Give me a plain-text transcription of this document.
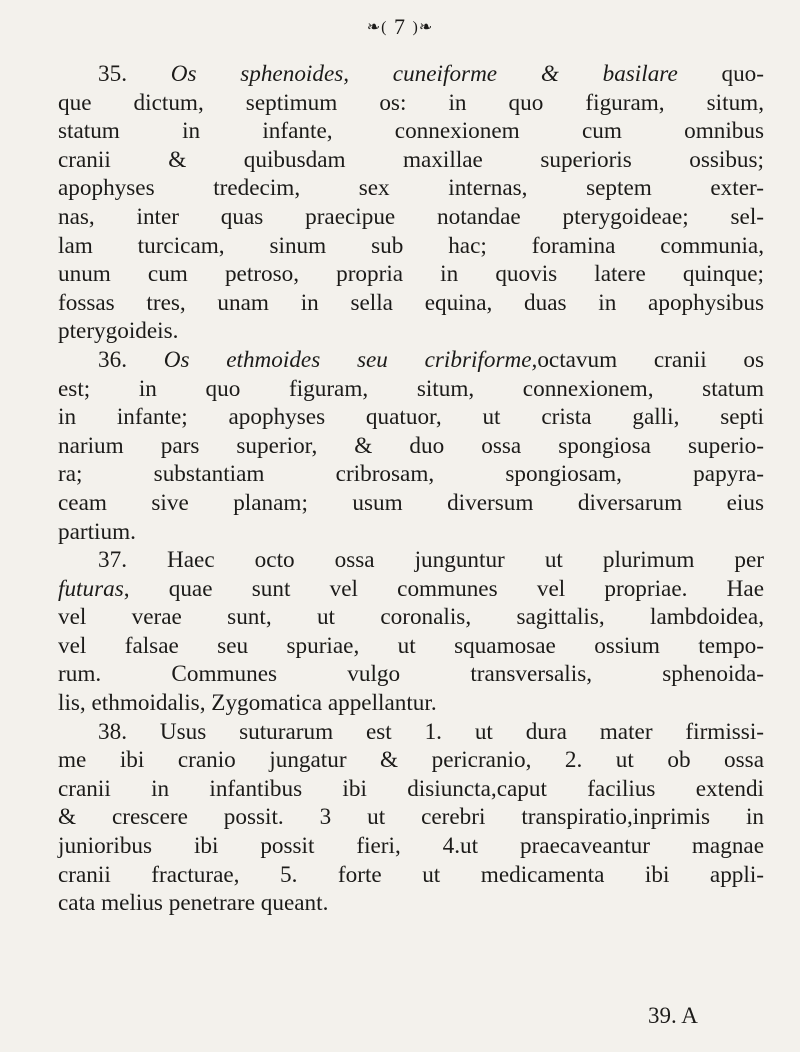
❧( 7 )❧
35. Os sphenoides, cuneiforme & basilare quo-
que dictum, septimum os: in quo figuram, situm,
statum in infante, connexionem cum omnibus
cranii & quibusdam maxillae superioris ossibus;
apophyses tredecim, sex internas, septem exter-
nas, inter quas praecipue notandae pterygoideae; sel-
lam turcicam, sinum sub hac; foramina communia,
unum cum petroso, propria in quovis latere quinque;
fossas tres, unam in sella equina, duas in apophysibus
pterygoideis.
36. Os ethmoides seu cribriforme,octavum cranii os
est; in quo figuram, situm, connexionem, statum
in infante; apophyses quatuor, ut crista galli, septi
narium pars superior, & duo ossa spongiosa superio-
ra; substantiam cribrosam, spongiosam, papyra-
ceam sive planam; usum diversum diversarum eius
partium.
37. Haec octo ossa junguntur ut plurimum per
futuras, quae sunt vel communes vel propriae. Hae
vel verae sunt, ut coronalis, sagittalis, lambdoidea,
vel falsae seu spuriae, ut squamosae ossium tempo-
rum. Communes vulgo transversalis, sphenoida-
lis, ethmoidalis, Zygomatica appellantur.
38. Usus suturarum est 1. ut dura mater firmissi-
me ibi cranio jungatur & pericranio, 2. ut ob ossa
cranii in infantibus ibi disiuncta,caput facilius extendi
& crescere possit. 3 ut cerebri transpiratio,inprimis in
junioribus ibi possit fieri, 4.ut praecaveantur magnae
cranii fracturae, 5. forte ut medicamenta ibi appli-
cata melius penetrare queant.
39. A
